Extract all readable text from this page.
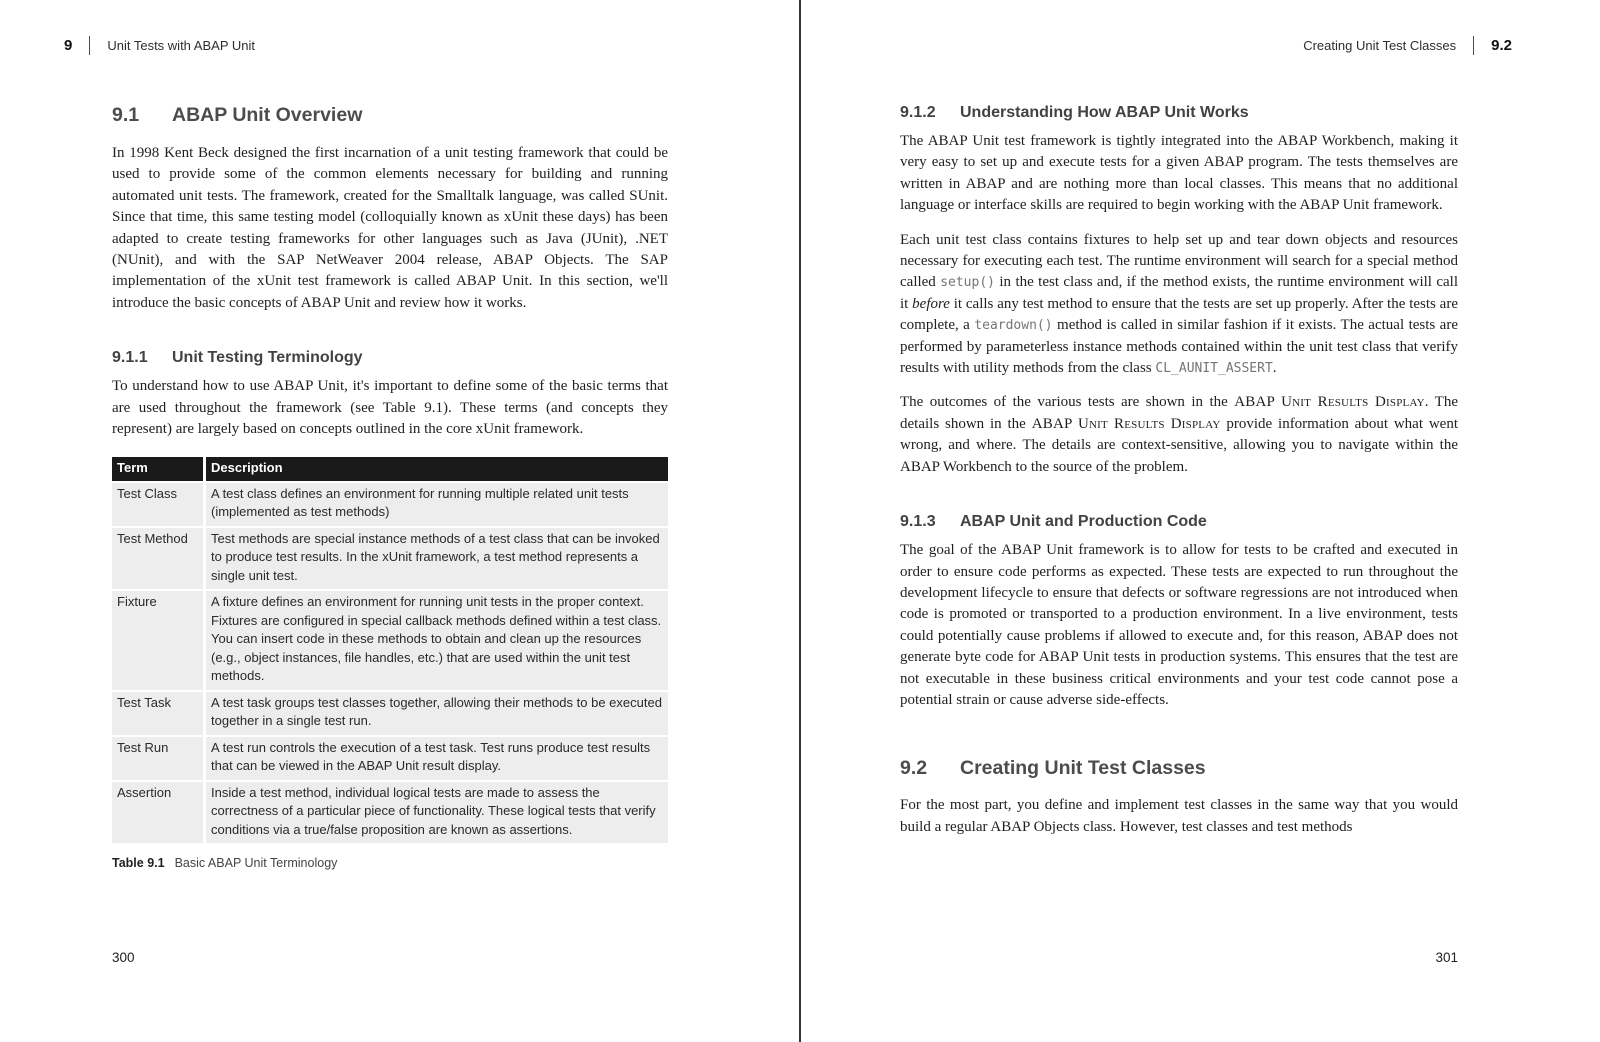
9	Unit Tests with ABAP Unit
9.1	ABAP Unit Overview

In 1998 Kent Beck designed the first incarnation of a unit testing framework that could be used to provide some of the common elements necessary for building and running automated unit tests. The framework, created for the Smalltalk language, was called SUnit. Since that time, this same testing model (colloquially known as xUnit these days) has been adapted to create testing frameworks for other languages such as Java (JUnit), .NET (NUnit), and with the SAP NetWeaver 2004 release, ABAP Objects. The SAP implementation of the xUnit test framework is called ABAP Unit. In this section, we'll introduce the basic concepts of ABAP Unit and review how it works.

9.1.1	Unit Testing Terminology

To understand how to use ABAP Unit, it's important to define some of the basic terms that are used throughout the framework (see Table 9.1). These terms (and concepts they represent) are largely based on concepts outlined in the core xUnit framework.

Term	Description
Test Class	A test class defines an environment for running multiple related unit tests (implemented as test methods)
Test Method	Test methods are special instance methods of a test class that can be invoked to produce test results. In the xUnit framework, a test method represents a single unit test.
Fixture	A fixture defines an environment for running unit tests in the proper context. Fixtures are configured in special callback methods defined within a test class. You can insert code in these methods to obtain and clean up the resources (e.g., object instances, file handles, etc.) that are used within the unit test methods.
Test Task	A test task groups test classes together, allowing their methods to be executed together in a single test run.
Test Run	A test run controls the execution of a test task. Test runs produce test results that can be viewed in the ABAP Unit result display.
Assertion	Inside a test method, individual logical tests are made to assess the correctness of a particular piece of functionality. These logical tests that verify conditions via a true/false proposition are known as assertions.
Table 9.1 Basic ABAP Unit Terminology
300
Creating Unit Test Classes 9.2
9.1.2	Understanding How ABAP Unit Works

The ABAP Unit test framework is tightly integrated into the ABAP Workbench, making it very easy to set up and execute tests for a given ABAP program. The tests themselves are written in ABAP and are nothing more than local classes. This means that no additional language or interface skills are required to begin working with the ABAP Unit framework.

Each unit test class contains fixtures to help set up and tear down objects and resources necessary for executing each test. The runtime environment will search for a special method called setup() in the test class and, if the method exists, the runtime environment will call it before it calls any test method to ensure that the tests are set up properly. After the tests are complete, a teardown() method is called in similar fashion if it exists. The actual tests are performed by parameterless instance methods contained within the unit test class that verify results with utility methods from the class CL_AUNIT_ASSERT.

The outcomes of the various tests are shown in the ABAP Unit Results Display. The details shown in the ABAP Unit Results Display provide information about what went wrong, and where. The details are context-sensitive, allowing you to navigate within the ABAP Workbench to the source of the problem.

9.1.3	ABAP Unit and Production Code

The goal of the ABAP Unit framework is to allow for tests to be crafted and executed in order to ensure code performs as expected. These tests are expected to run throughout the development lifecycle to ensure that defects or software regressions are not introduced when code is promoted or transported to a production environment. In a live environment, tests could potentially cause problems if allowed to execute and, for this reason, ABAP does not generate byte code for ABAP Unit tests in production systems. This ensures that the test are not executable in these business critical environments and your test code cannot pose a potential strain or cause adverse side-effects.

9.2	Creating Unit Test Classes

For the most part, you define and implement test classes in the same way that you would build a regular ABAP Objects class. However, test classes and test methods

301
